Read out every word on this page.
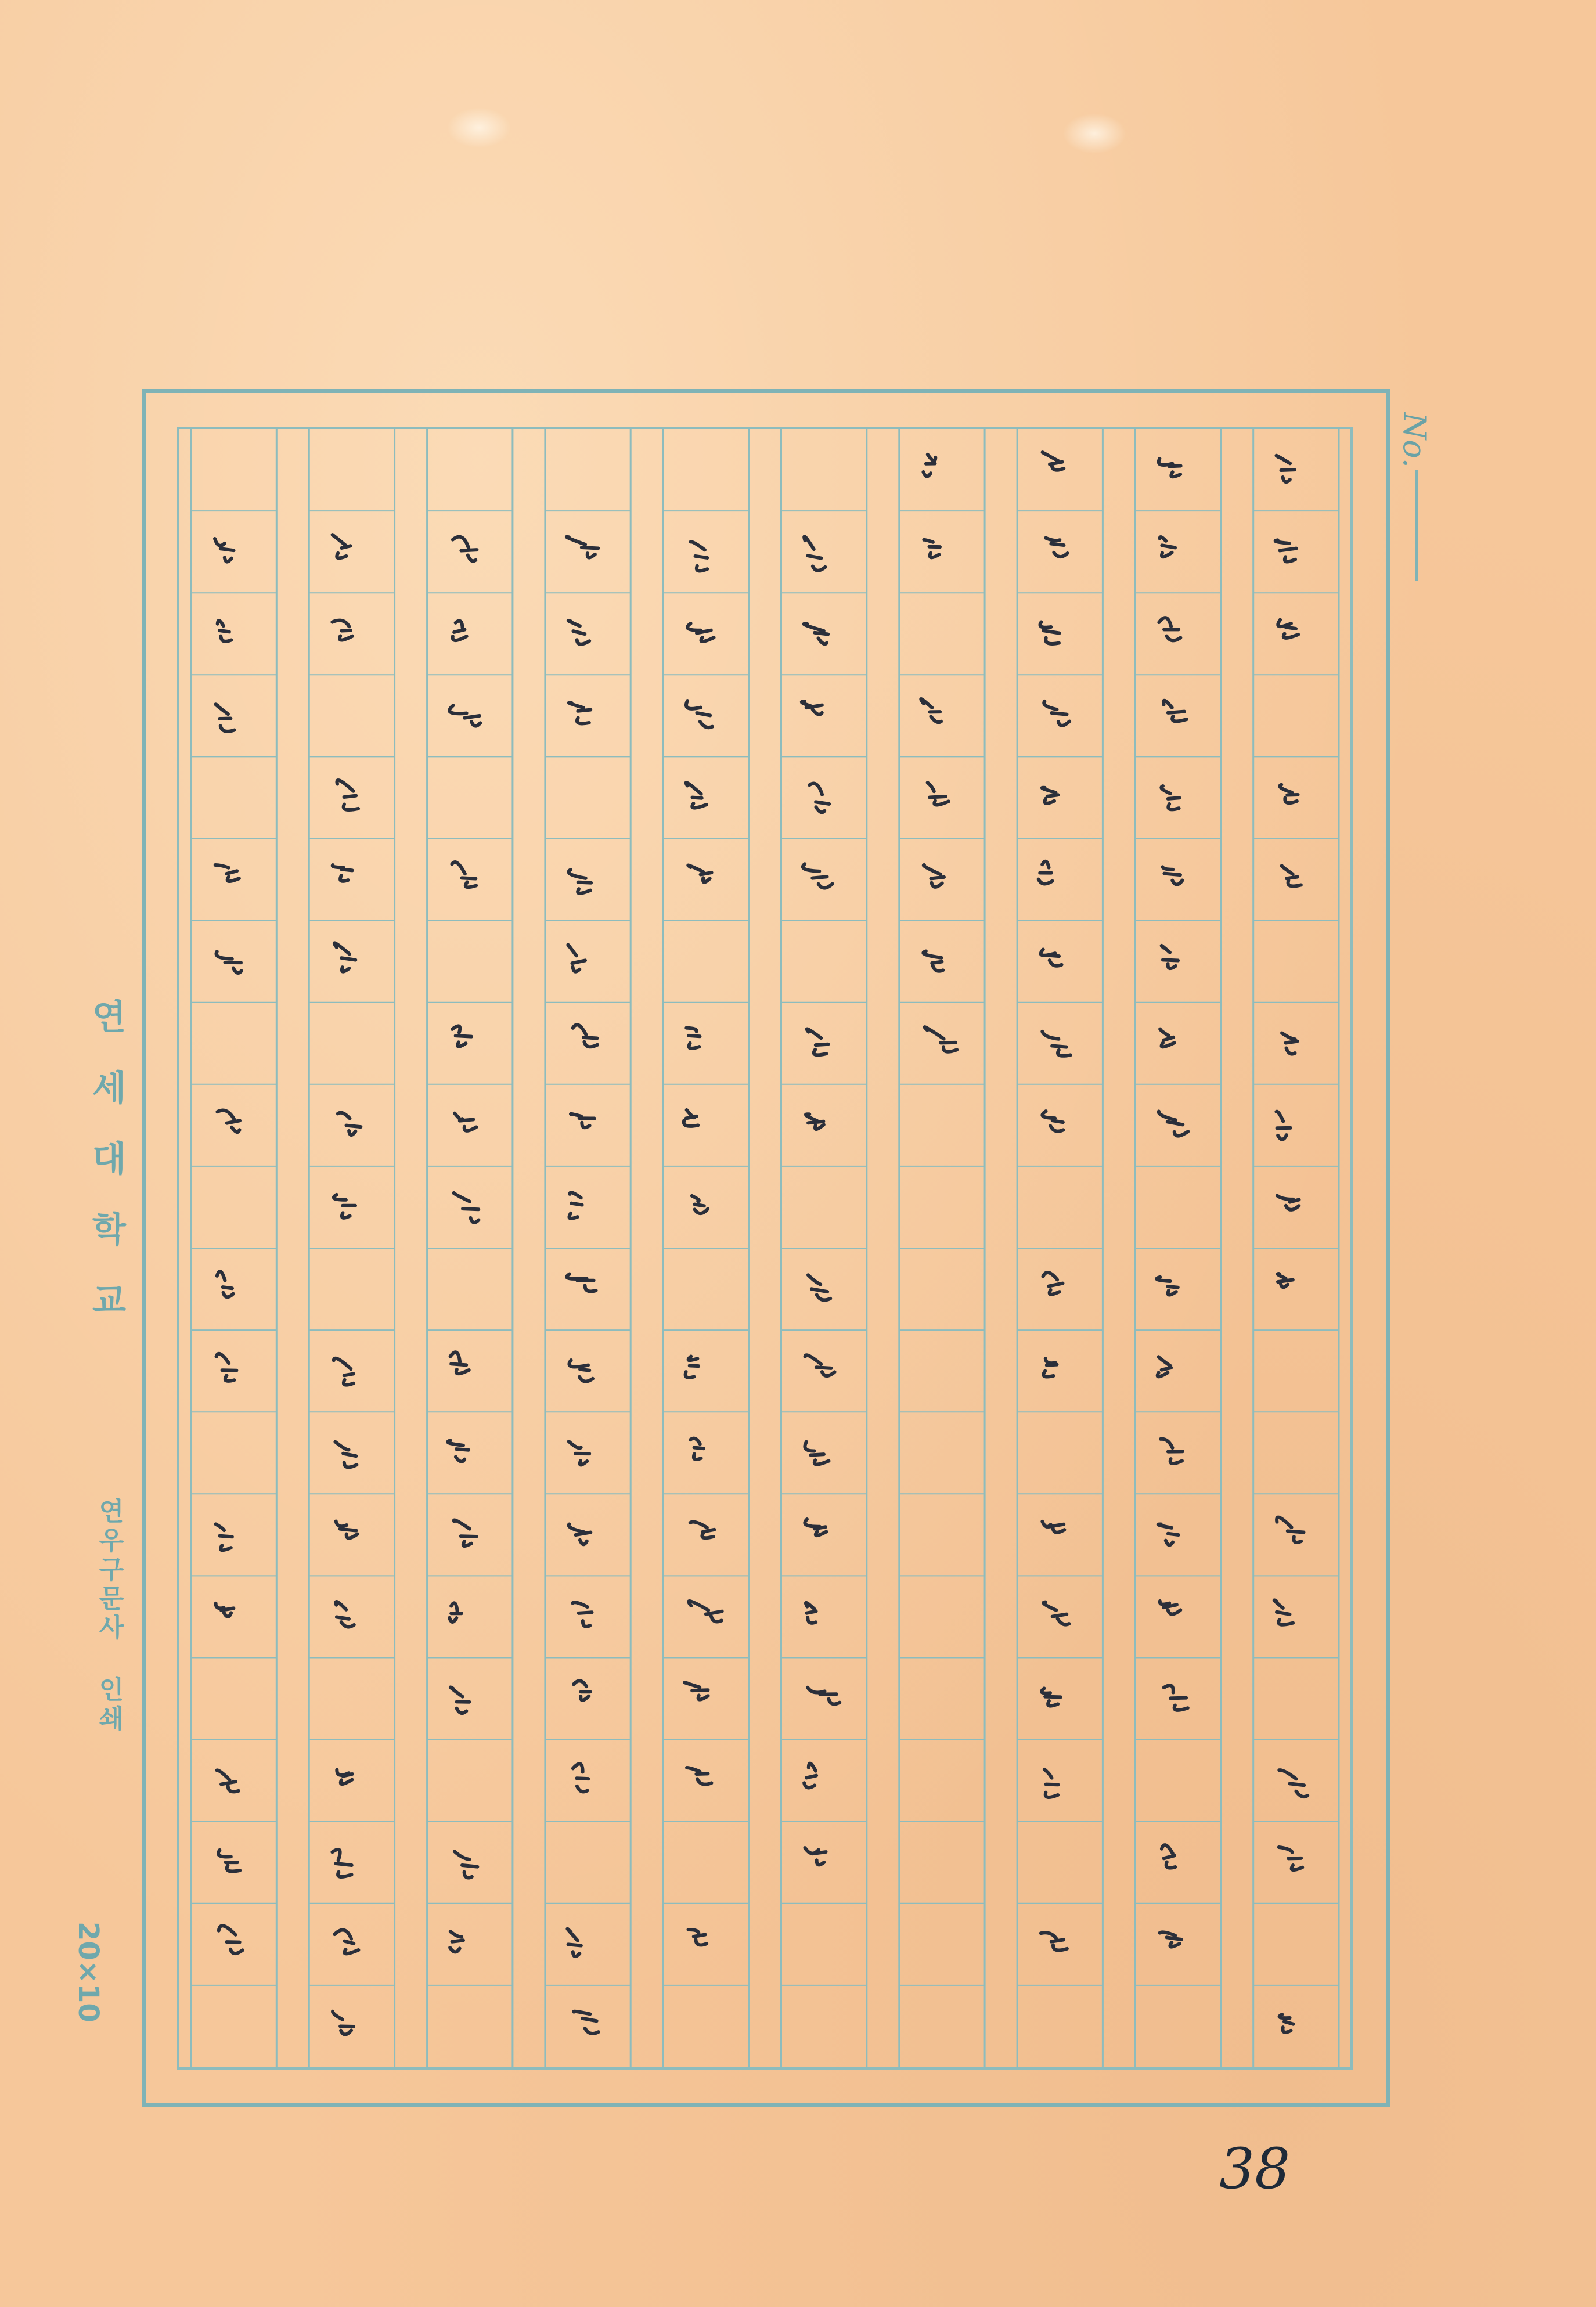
No.
연세대학교
연우구문사 인쇄
20×10
38
